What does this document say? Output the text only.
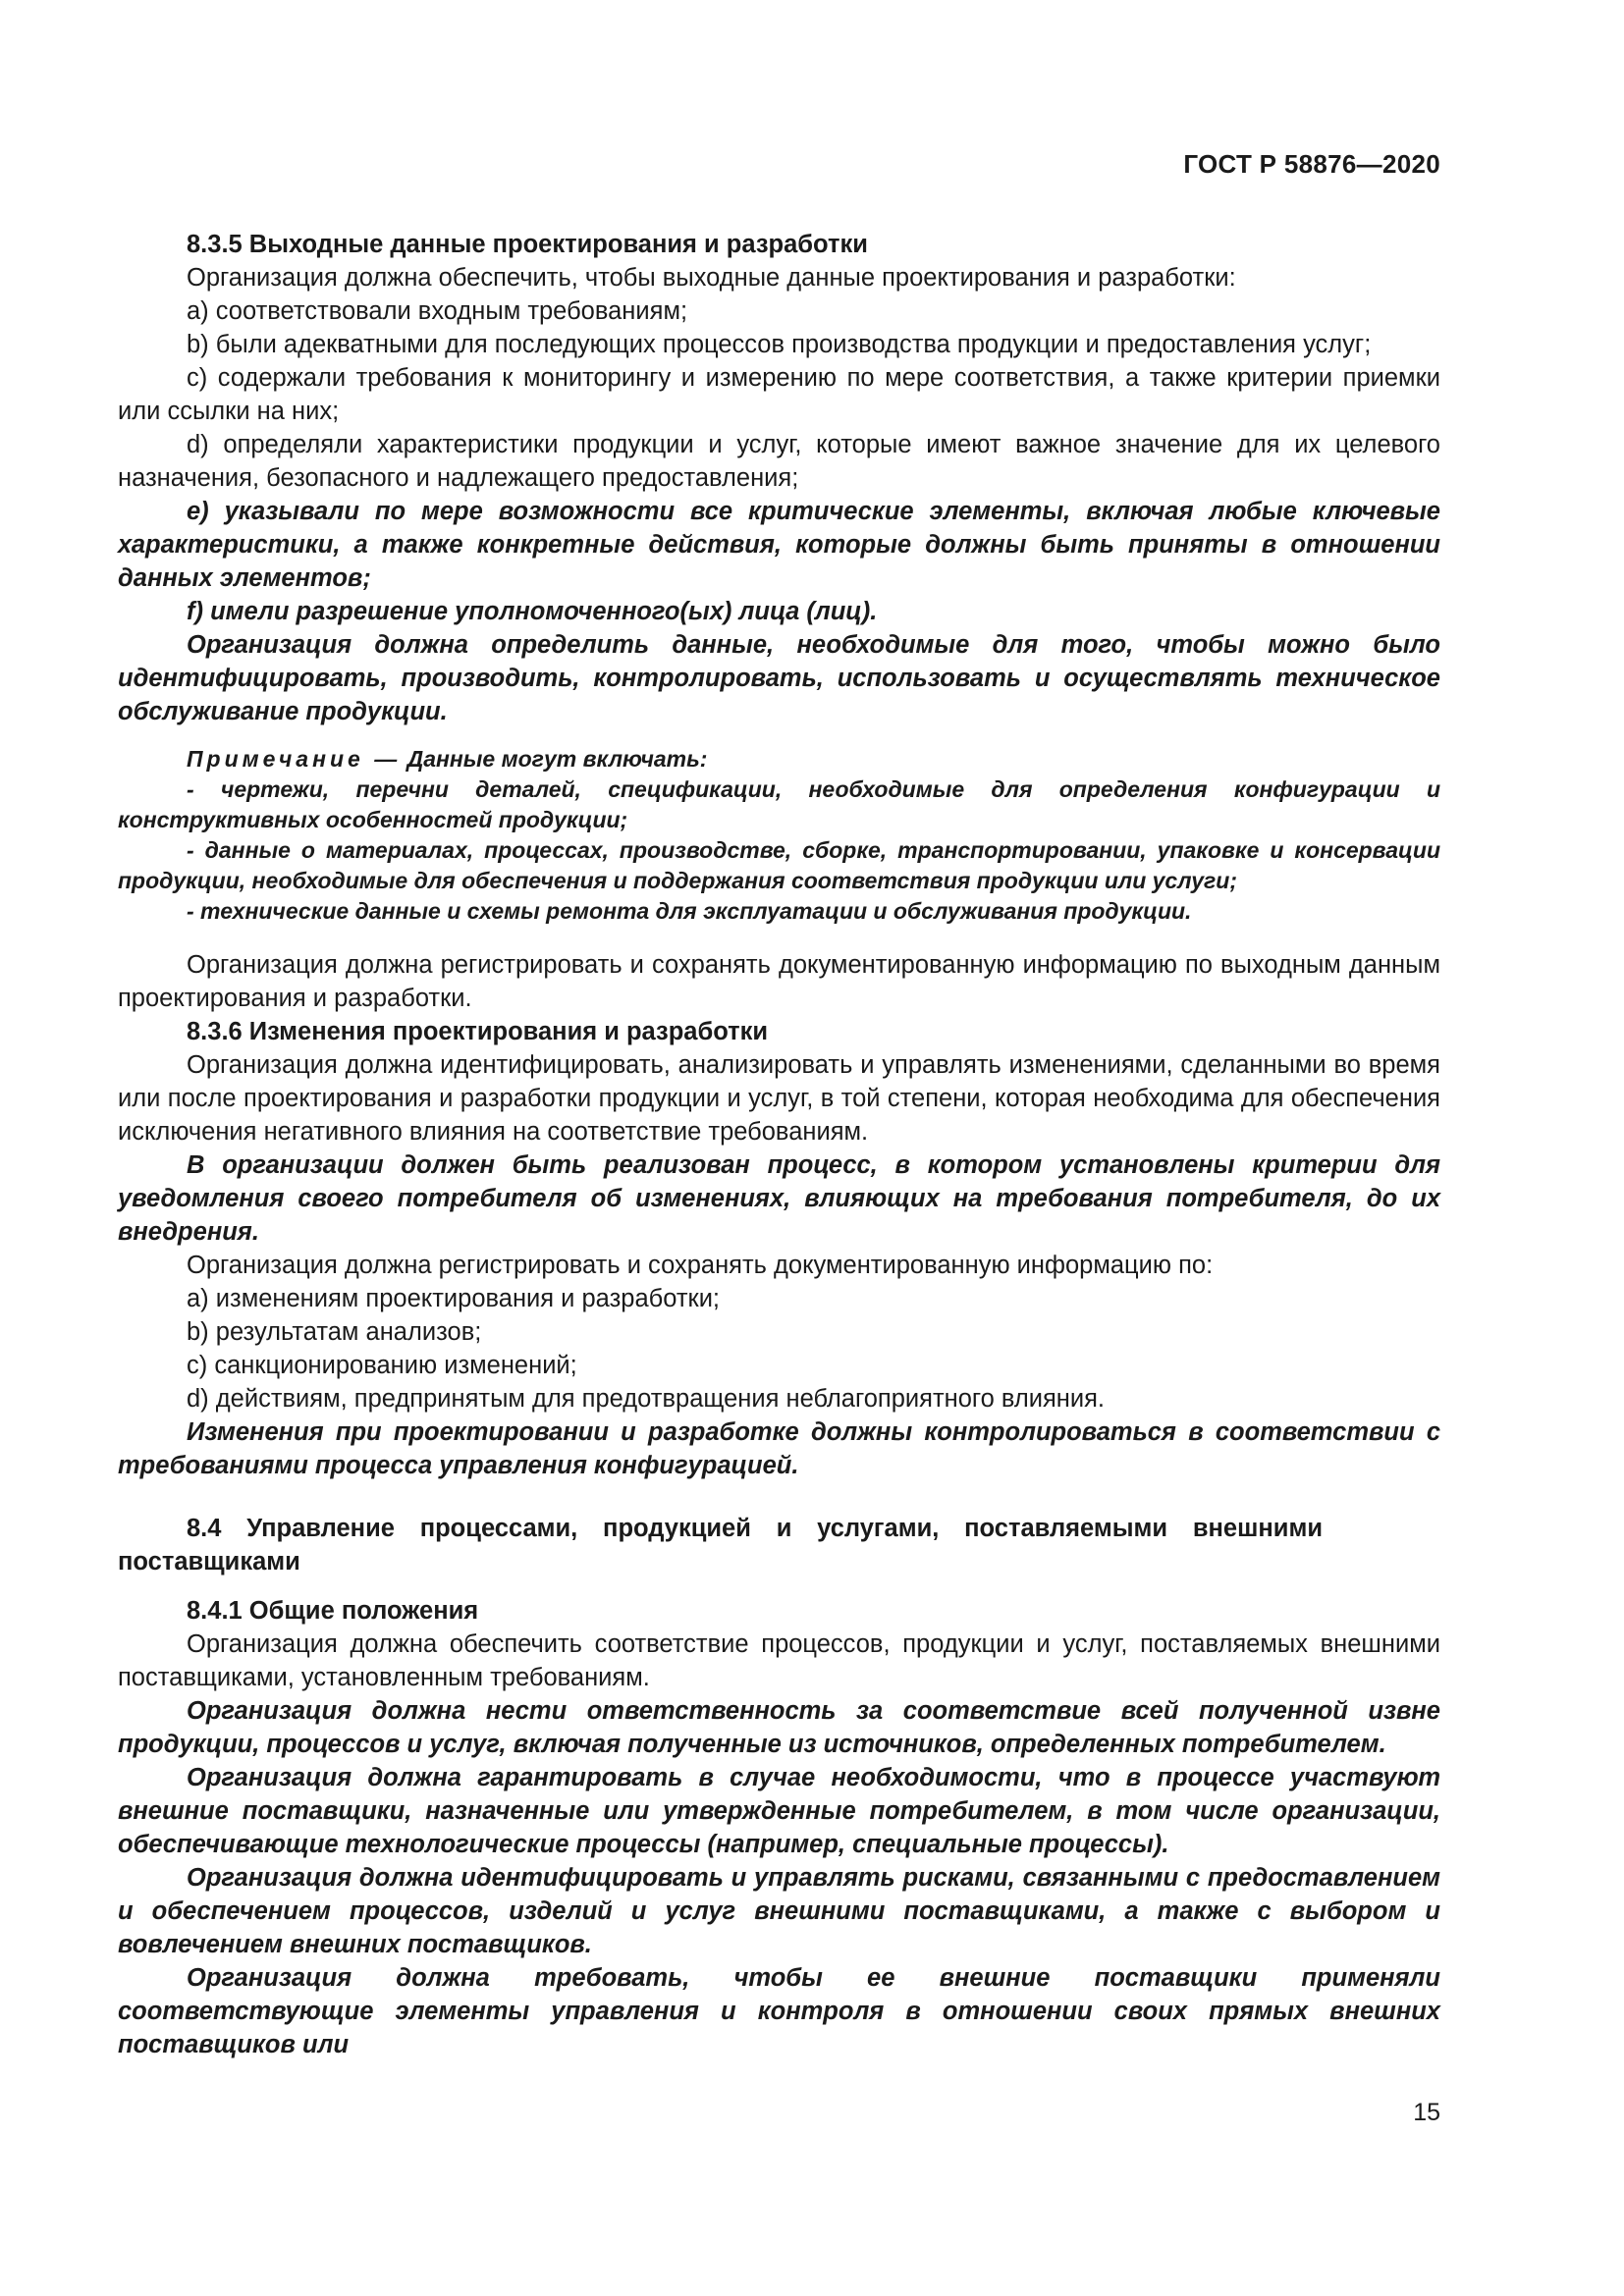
ГОСТ Р 58876—2020

8.3.5 Выходные данные проектирования и разработки

Организация должна обеспечить, чтобы выходные данные проектирования и разработки:

а) соответствовали входным требованиям;

b) были адекватными для последующих процессов производства продукции и предоставления услуг;

с) содержали требования к мониторингу и измерению по мере соответствия, а также критерии приемки или ссылки на них;

d) определяли характеристики продукции и услуг, которые имеют важное значение для их целевого назначения, безопасного и надлежащего предоставления;

е) указывали по мере возможности все критические элементы, включая любые ключевые характеристики, а также конкретные действия, которые должны быть приняты в отношении данных элементов;

f) имели разрешение уполномоченного(ых) лица (лиц).

Организация должна определить данные, необходимые для того, чтобы можно было идентифицировать, производить, контролировать, использовать и осуществлять техническое обслуживание продукции.

Примечание — Данные могут включать:

- чертежи, перечни деталей, спецификации, необходимые для определения конфигурации и конструктивных особенностей продукции;

- данные о материалах, процессах, производстве, сборке, транспортировании, упаковке и консервации продукции, необходимые для обеспечения и поддержания соответствия продукции или услуги;

- технические данные и схемы ремонта для эксплуатации и обслуживания продукции.

Организация должна регистрировать и сохранять документированную информацию по выходным данным проектирования и разработки.

8.3.6 Изменения проектирования и разработки

Организация должна идентифицировать, анализировать и управлять изменениями, сделанными во время или после проектирования и разработки продукции и услуг, в той степени, которая необходима для обеспечения исключения негативного влияния на соответствие требованиям.

В организации должен быть реализован процесс, в котором установлены критерии для уведомления своего потребителя об изменениях, влияющих на требования потребителя, до их внедрения.

Организация должна регистрировать и сохранять документированную информацию по:

а) изменениям проектирования и разработки;

b) результатам анализов;

с) санкционированию изменений;

d) действиям, предпринятым для предотвращения неблагоприятного влияния.

Изменения при проектировании и разработке должны контролироваться в соответствии с требованиями процесса управления конфигурацией.

8.4 Управление процессами, продукцией и услугами, поставляемыми внешними поставщиками

8.4.1 Общие положения

Организация должна обеспечить соответствие процессов, продукции и услуг, поставляемых внешними поставщиками, установленным требованиям.

Организация должна нести ответственность за соответствие всей полученной извне продукции, процессов и услуг, включая полученные из источников, определенных потребителем.

Организация должна гарантировать в случае необходимости, что в процессе участвуют внешние поставщики, назначенные или утвержденные потребителем, в том числе организации, обеспечивающие технологические процессы (например, специальные процессы).

Организация должна идентифицировать и управлять рисками, связанными с предоставлением и обеспечением процессов, изделий и услуг внешними поставщиками, а также с выбором и вовлечением внешних поставщиков.

Организация должна требовать, чтобы ее внешние поставщики применяли соответствующие элементы управления и контроля в отношении своих прямых внешних поставщиков или

15
